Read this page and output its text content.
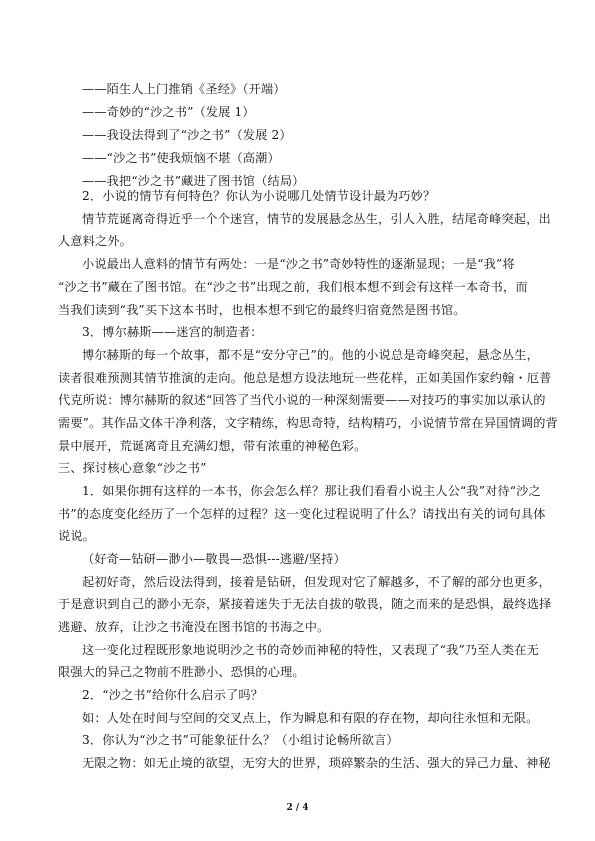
——陌生人上门推销《圣经》（开端）
——奇妙的“沙之书”（发展 1）
——我设法得到了“沙之书”（发展 2）
——“沙之书”使我烦恼不堪（高潮）
——我把“沙之书”藏进了图书馆（结局）
2．小说的情节有何特色？你认为小说哪几处情节设计最为巧妙？
情节荒诞离奇得近乎一个个迷宫，情节的发展悬念丛生，引人入胜，结尾奇峰突起，出
人意料之外。
小说最出人意料的情节有两处：一是“沙之书”奇妙特性的逐渐显现；一是“我”将
“沙之书”藏在了图书馆。在“沙之书”出现之前，我们根本想不到会有这样一本奇书，而
当我们读到“我”买下这本书时，也根本想不到它的最终归宿竟然是图书馆。
3．博尔赫斯——迷宫的制造者：
博尔赫斯的每一个故事，都不是“安分守己”的。他的小说总是奇峰突起，悬念丛生，
读者很难预测其情节推演的走向。他总是想方设法地玩一些花样，正如美国作家约翰・厄普
代克所说：博尔赫斯的叙述“回答了当代小说的一种深刻需要——对技巧的事实加以承认的
需要”。其作品文体干净利落，文字精练，构思奇特，结构精巧，小说情节常在异国情调的背
景中展开，荒诞离奇且充满幻想，带有浓重的神秘色彩。
三、探讨核心意象“沙之书”
1．如果你拥有这样的一本书，你会怎么样？那让我们看看小说主人公“我”对待“沙之
书”的态度变化经历了一个怎样的过程？这一变化过程说明了什么？请找出有关的词句具体
说说。
（好奇—钻研—渺小—敬畏—恐惧---逃避/坚持）
起初好奇，然后设法得到，接着是钻研，但发现对它了解越多，不了解的部分也更多，
于是意识到自己的渺小无奈，紧接着迷失于无法自拔的敬畏，随之而来的是恐惧，最终选择
逃避、放弃，让沙之书淹没在图书馆的书海之中。
这一变化过程既形象地说明沙之书的奇妙而神秘的特性，又表现了“我”乃至人类在无
限强大的异己之物前不胜渺小、恐惧的心理。
2．“沙之书”给你什么启示了吗？
如：人处在时间与空间的交叉点上，作为瞬息和有限的存在物，却向往永恒和无限。
3．你认为“沙之书”可能象征什么？（小组讨论畅所欲言）
无限之物：如无止境的欲望，无穷大的世界，琐碎繁杂的生活、强大的异己力量、神秘
2 / 4
